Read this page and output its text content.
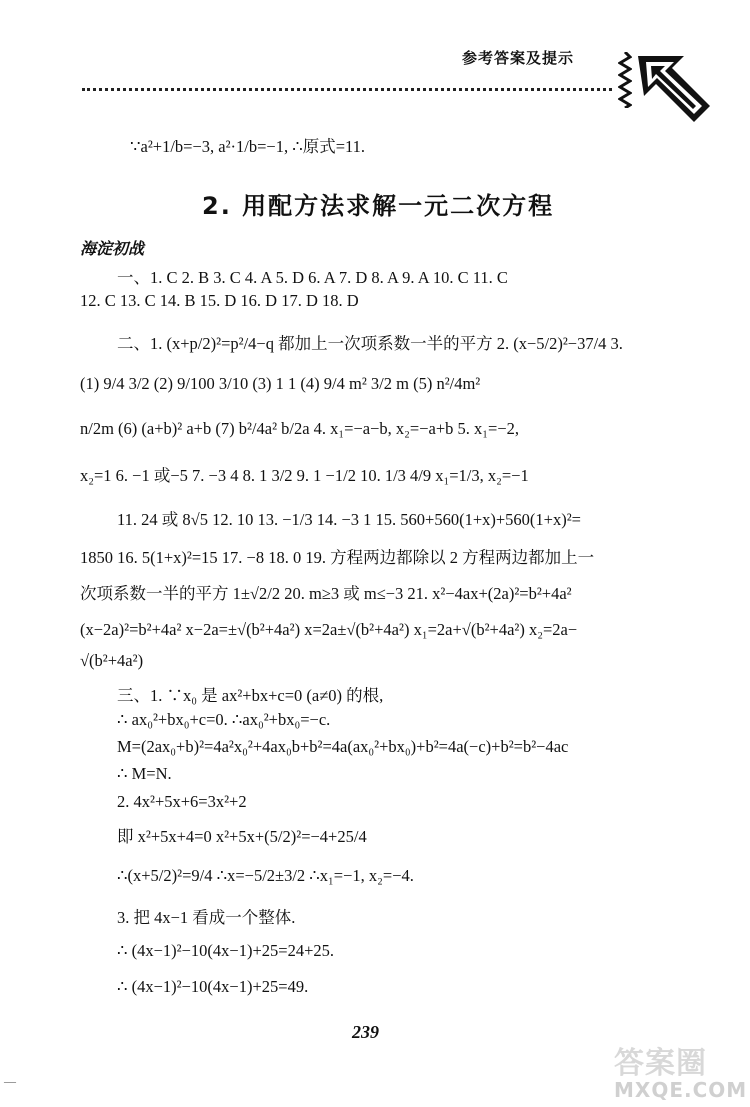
参考答案及提示
∵a²+1/b=−3, a²·1/b=−1, ∴原式=11.
2. 用配方法求解一元二次方程
海淀初战
一、1. C 2. B 3. C 4. A 5. D 6. A 7. D 8. A 9. A 10. C 11. C
12. C 13. C 14. B 15. D 16. D 17. D 18. D
二、1. (x+p/2)²=p²/4−q 都加上一次项系数一半的平方 2. (x−5/2)²−37/4 3.
(1) 9/4 3/2 (2) 9/100 3/10 (3) 1 1 (4) 9/4 m² 3/2 m (5) n²/4m²
n/2m (6) (a+b)² a+b (7) b²/4a² b/2a 4. x₁=−a−b, x₂=−a+b 5. x₁=−2,
x₂=1 6. −1 或−5 7. −3 4 8. 1 3/2 9. 1 −1/2 10. 1/3 4/9 x₁=1/3, x₂=−1
11. 24 或 8√5 12. 10 13. −1/3 14. −3 1 15. 560+560(1+x)+560(1+x)²=
1850 16. 5(1+x)²=15 17. −8 18. 0 19. 方程两边都除以 2 方程两边都加上一
次项系数一半的平方 1±√2/2 20. m≥3 或 m≤−3 21. x²−4ax+(2a)²=b²+4a²
(x−2a)²=b²+4a² x−2a=±√(b²+4a²) x=2a±√(b²+4a²) x₁=2a+√(b²+4a²) x₂=2a−
√(b²+4a²)
三、1. ∵x₀ 是 ax²+bx+c=0 (a≠0) 的根,
∴ ax₀²+bx₀+c=0. ∴ax₀²+bx₀=−c.
M=(2ax₀+b)²=4a²x₀²+4ax₀b+b²=4a(ax₀²+bx₀)+b²=4a(−c)+b²=b²−4ac
∴ M=N.
2. 4x²+5x+6=3x²+2
即 x²+5x+4=0 x²+5x+(5/2)²=−4+25/4
∴(x+5/2)²=9/4 ∴x=−5/2±3/2 ∴x₁=−1, x₂=−4.
3. 把 4x−1 看成一个整体.
∴ (4x−1)²−10(4x−1)+25=24+25.
∴ (4x−1)²−10(4x−1)+25=49.
239
答案圈
MXQE.COM
—
